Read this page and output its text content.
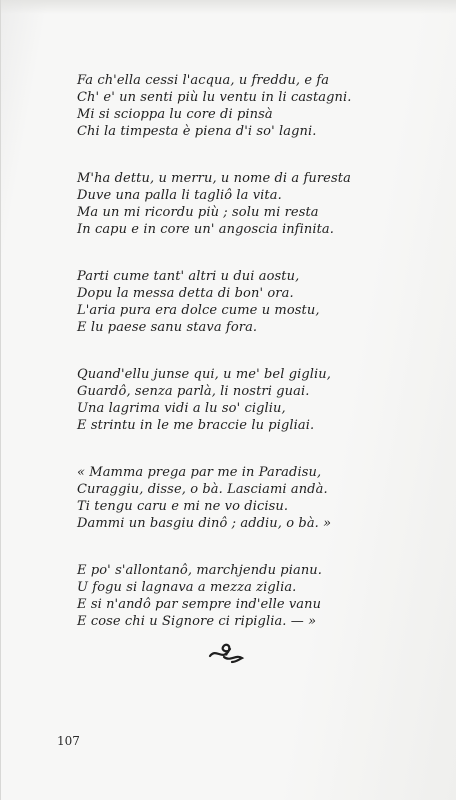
Fa ch'ella cessi l'acqua, u freddu, e fa
Ch' e' un senti più lu ventu in li castagni.
Mi si scioppa lu core di pinsà
Chi la timpesta è piena d'i so' lagni.
M'ha dettu, u merru, u nome di a furesta
Duve una palla li tagliô la vita.
Ma un mi ricordu più ; solu mi resta
In capu e in core un' angoscia infinita.
Parti cume tant' altri u dui aostu,
Dopu la messa detta di bon' ora.
L'aria pura era dolce cume u mostu,
E lu paese sanu stava fora.
Quand'ellu junse qui, u me' bel gigliu,
Guardô, senza parlà, li nostri guai.
Una lagrima vidi a lu so' cigliu,
E strintu in le me braccie lu pigliai.
« Mamma prega par me in Paradisu,
Curaggiu, disse, o bà. Lasciami andà.
Ti tengu caru e mi ne vo dicisu.
Dammi un basgiu dinô ; addiu, o bà. »
E po' s'allontanô, marchjendu pianu.
U fogu si lagnava a mezza ziglia.
E si n'andô par sempre ind'elle vanu
E cose chi u Signore ci ripiglia. — »
107
